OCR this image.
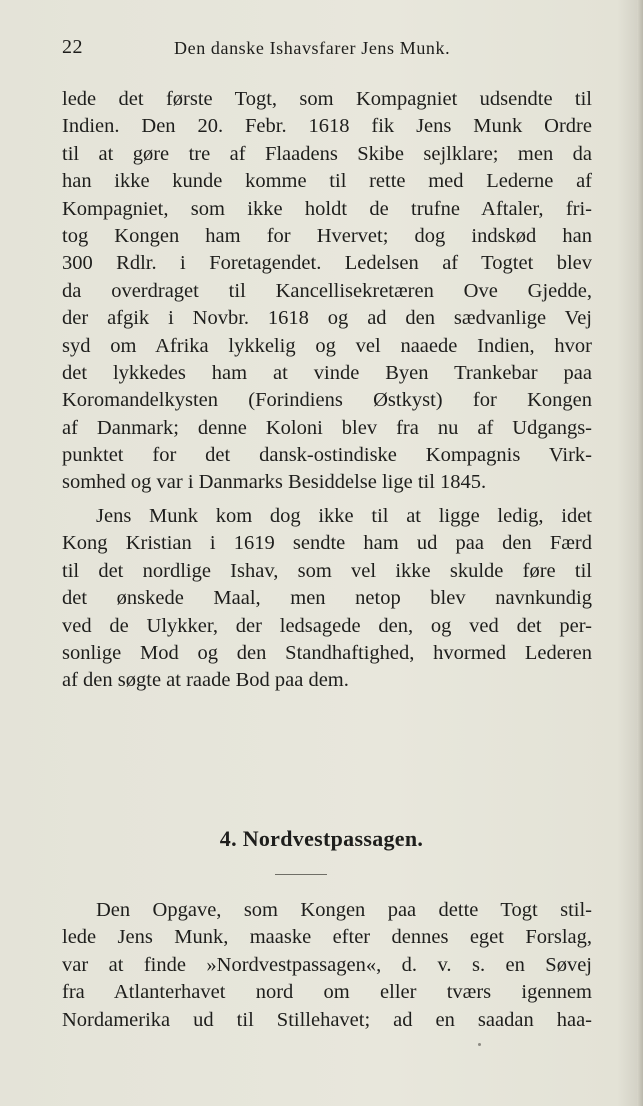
22	Den danske Ishavsfarer Jens Munk.
lede det første Togt, som Kompagniet udsendte til
Indien. Den 20. Febr. 1618 fik Jens Munk Ordre
til at gøre tre af Flaadens Skibe sejlklare; men da
han ikke kunde komme til rette med Lederne af
Kompagniet, som ikke holdt de trufne Aftaler, fri-
tog Kongen ham for Hvervet; dog indskød han
300 Rdlr. i Foretagendet. Ledelsen af Togtet blev
da overdraget til Kancellisekretæren Ove Gjedde,
der afgik i Novbr. 1618 og ad den sædvanlige Vej
syd om Afrika lykkelig og vel naaede Indien, hvor
det lykkedes ham at vinde Byen Trankebar paa
Koromandelkysten (Forindiens Østkyst) for Kongen
af Danmark; denne Koloni blev fra nu af Udgangs-
punktet for det dansk-ostindiske Kompagnis Virk-
somhed og var i Danmarks Besiddelse lige til 1845.
Jens Munk kom dog ikke til at ligge ledig, idet
Kong Kristian i 1619 sendte ham ud paa den Færd
til det nordlige Ishav, som vel ikke skulde føre til
det ønskede Maal, men netop blev navnkundig
ved de Ulykker, der ledsagede den, og ved det per-
sonlige Mod og den Standhaftighed, hvormed Lederen
af den søgte at raade Bod paa dem.
4. Nordvestpassagen.
Den Opgave, som Kongen paa dette Togt stil-
lede Jens Munk, maaske efter dennes eget Forslag,
var at finde »Nordvestpassagen«, d. v. s. en Søvej
fra Atlanterhavet nord om eller tværs igennem
Nordamerika ud til Stillehavet; ad en saadan haa-
